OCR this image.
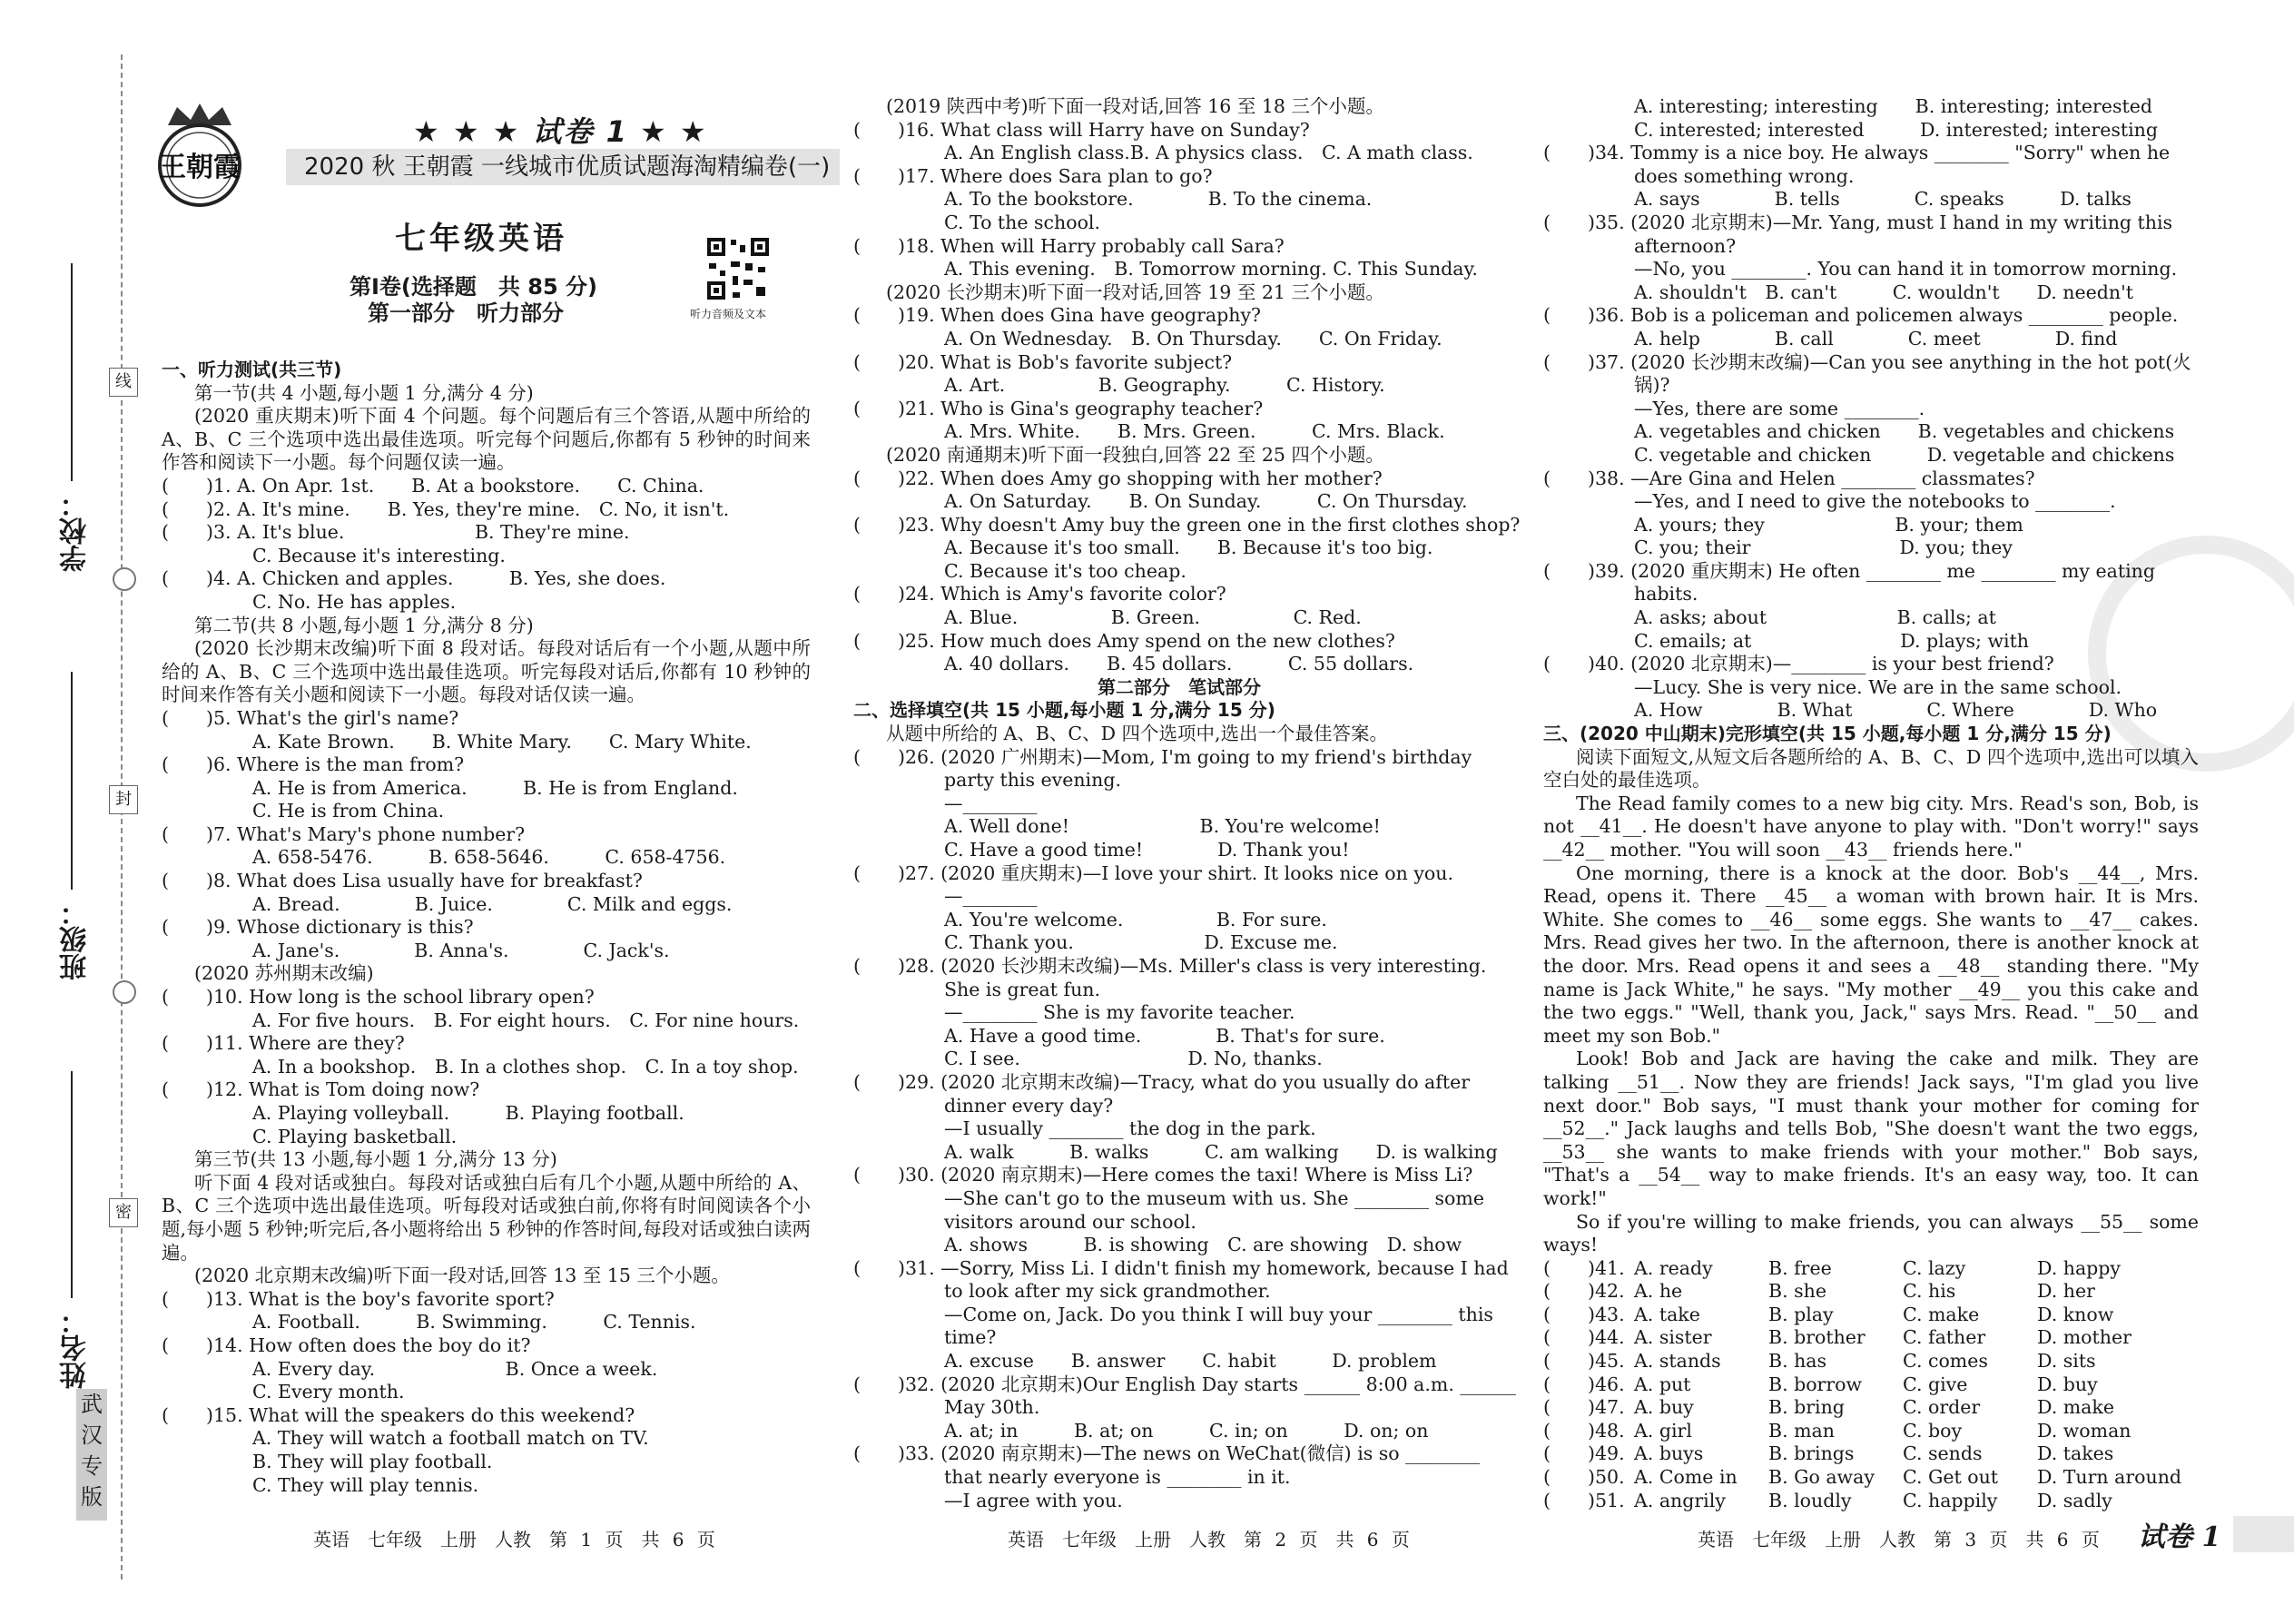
学校：
班级：
姓名：
线
封
密
武汉专版
王朝霞
★ ★ ★ 试卷 1 ★ ★
2020 秋 王朝霞 一线城市优质试题海淘精编卷(一)
七年级英语
第Ⅰ卷(选择题　共 85 分)
第一部分　听力部分	听力音频及文本
一、听力测试(共三节)
第一节(共 4 小题,每小题 1 分,满分 4 分)
(2020 重庆期末)听下面 4 个问题。每个问题后有三个答语,从题中所给的 A、B、C 三个选项中选出最佳选项。听完每个问题后,你都有 5 秒钟的时间来作答和阅读下一小题。每个问题仅读一遍。
(　　)1. A. On Apr. 1st.　　B. At a bookstore.　　C. China.
(　　)2. A. It's mine.　　B. Yes, they're mine.　C. No, it isn't.
(　　)3. A. It's blue.　　　　　　　B. They're mine.
C. Because it's interesting.
(　　)4. A. Chicken and apples.　　　B. Yes, she does.
C. No. He has apples.
第二节(共 8 小题,每小题 1 分,满分 8 分)
(2020 长沙期末改编)听下面 8 段对话。每段对话后有一个小题,从题中所给的 A、B、C 三个选项中选出最佳选项。听完每段对话后,你都有 10 秒钟的时间来作答有关小题和阅读下一小题。每段对话仅读一遍。
(　　)5. What's the girl's name?
A. Kate Brown.　　B. White Mary.　　C. Mary White.
(　　)6. Where is the man from?
A. He is from America.　　　B. He is from England.
C. He is from China.
(　　)7. What's Mary's phone number?
A. 658-5476.　　　B. 658-5646.　　　C. 658-4756.
(　　)8. What does Lisa usually have for breakfast?
A. Bread.　　　　B. Juice.　　　　C. Milk and eggs.
(　　)9. Whose dictionary is this?
A. Jane's.　　　　B. Anna's.　　　　C. Jack's.
(2020 苏州期末改编)
(　　)10. How long is the school library open?
A. For five hours.　B. For eight hours.　C. For nine hours.
(　　)11. Where are they?
A. In a bookshop.　B. In a clothes shop.　C. In a toy shop.
(　　)12. What is Tom doing now?
A. Playing volleyball.　　　B. Playing football.
C. Playing basketball.
第三节(共 13 小题,每小题 1 分,满分 13 分)
听下面 4 段对话或独白。每段对话或独白后有几个小题,从题中所给的 A、B、C 三个选项中选出最佳选项。听每段对话或独白前,你将有时间阅读各个小题,每小题 5 秒钟;听完后,各小题将给出 5 秒钟的作答时间,每段对话或独白读两遍。
(2020 北京期末改编)听下面一段对话,回答 13 至 15 三个小题。
(　　)13. What is the boy's favorite sport?
A. Football.　　　B. Swimming.　　　C. Tennis.
(　　)14. How often does the boy do it?
A. Every day.　　　　　　　B. Once a week.
C. Every month.
(　　)15. What will the speakers do this weekend?
A. They will watch a football match on TV.
B. They will play football.
C. They will play tennis.
(2019 陕西中考)听下面一段对话,回答 16 至 18 三个小题。
(　　)16. What class will Harry have on Sunday?
A. An English class.B. A physics class.　C. A math class.
(　　)17. Where does Sara plan to go?
A. To the bookstore.　　　　B. To the cinema.
C. To the school.
(　　)18. When will Harry probably call Sara?
A. This evening.　B. Tomorrow morning. C. This Sunday.
(2020 长沙期末)听下面一段对话,回答 19 至 21 三个小题。
(　　)19. When does Gina have geography?
A. On Wednesday.　B. On Thursday.　　C. On Friday.
(　　)20. What is Bob's favorite subject?
A. Art.　　　　　B. Geography.　　　C. History.
(　　)21. Who is Gina's geography teacher?
A. Mrs. White.　　B. Mrs. Green.　　　C. Mrs. Black.
(2020 南通期末)听下面一段独白,回答 22 至 25 四个小题。
(　　)22. When does Amy go shopping with her mother?
A. On Saturday.　　B. On Sunday.　　　C. On Thursday.
(　　)23. Why doesn't Amy buy the green one in the first clothes shop?
A. Because it's too small.　　B. Because it's too big.
C. Because it's too cheap.
(　　)24. Which is Amy's favorite color?
A. Blue.　　　　　B. Green.　　　　　C. Red.
(　　)25. How much does Amy spend on the new clothes?
A. 40 dollars.　　B. 45 dollars.　　　C. 55 dollars.
第二部分　笔试部分
二、选择填空(共 15 小题,每小题 1 分,满分 15 分)
从题中所给的 A、B、C、D 四个选项中,选出一个最佳答案。
(　　)26. (2020 广州期末)—Mom, I'm going to my friend's birthday
party this evening.
—________
A. Well done!　　　　　　　B. You're welcome!
C. Have a good time!　　　　D. Thank you!
(　　)27. (2020 重庆期末)—I love your shirt. It looks nice on you.
—________
A. You're welcome.　　　　　B. For sure.
C. Thank you.　　　　　　　D. Excuse me.
(　　)28. (2020 长沙期末改编)—Ms. Miller's class is very interesting.
She is great fun.
—________ She is my favorite teacher.
A. Have a good time.　　　　B. That's for sure.
C. I see.　　　　　　　　　D. No, thanks.
(　　)29. (2020 北京期末改编)—Tracy, what do you usually do after
dinner every day?
—I usually ________ the dog in the park.
A. walk　　　B. walks　　　C. am walking　　D. is walking
(　　)30. (2020 南京期末)—Here comes the taxi! Where is Miss Li?
—She can't go to the museum with us. She ________ some
visitors around our school.
A. shows　　　B. is showing　C. are showing　D. show
(　　)31. —Sorry, Miss Li. I didn't finish my homework, because I had
to look after my sick grandmother.
—Come on, Jack. Do you think I will buy your ________ this
time?
A. excuse　　B. answer　　C. habit　　　D. problem
(　　)32. (2020 北京期末)Our English Day starts ______ 8:00 a.m. ______
May 30th.
A. at; in　　　B. at; on　　　C. in; on　　　D. on; on
(　　)33. (2020 南京期末)—The news on WeChat(微信) is so ________
that nearly everyone is ________ in it.
—I agree with you.
A. interesting; interesting　　B. interesting; interested
C. interested; interested　　　D. interested; interesting
(　　)34. Tommy is a nice boy. He always ________ "Sorry" when he
does something wrong.
A. says　　　　B. tells　　　　C. speaks　　　D. talks
(　　)35. (2020 北京期末)—Mr. Yang, must I hand in my writing this
afternoon?
—No, you ________. You can hand it in tomorrow morning.
A. shouldn't　B. can't　　　C. wouldn't　　D. needn't
(　　)36. Bob is a policeman and policemen always ________ people.
A. help　　　　B. call　　　　C. meet　　　　D. find
(　　)37. (2020 长沙期末改编)—Can you see anything in the hot pot(火
锅)?
—Yes, there are some ________.
A. vegetables and chicken　　B. vegetables and chickens
C. vegetable and chicken　　　D. vegetable and chickens
(　　)38. —Are Gina and Helen ________ classmates?
—Yes, and I need to give the notebooks to ________.
A. yours; they　　　　　　　B. your; them
C. you; their　　　　　　　　D. you; they
(　　)39. (2020 重庆期末) He often ________ me ________ my eating
habits.
A. asks; about　　　　　　　B. calls; at
C. emails; at　　　　　　　　D. plays; with
(　　)40. (2020 北京期末)—________ is your best friend?
—Lucy. She is very nice. We are in the same school.
A. How　　　　B. What　　　　C. Where　　　　D. Who
三、(2020 中山期末)完形填空(共 15 小题,每小题 1 分,满分 15 分)
阅读下面短文,从短文后各题所给的 A、B、C、D 四个选项中,选出可以填入空白处的最佳选项。
The Read family comes to a new big city. Mrs. Read's son, Bob, is not __41__. He doesn't have anyone to play with. "Don't worry!" says __42__ mother. "You will soon __43__ friends here."
One morning, there is a knock at the door. Bob's __44__, Mrs. Read, opens it. There __45__ a woman with brown hair. It is Mrs. White. She comes to __46__ some eggs. She wants to __47__ cakes. Mrs. Read gives her two. In the afternoon, there is another knock at the door. Mrs. Read opens it and sees a __48__ standing there. "My name is Jack White," he says. "My mother __49__ you this cake and the two eggs." "Well, thank you, Jack," says Mrs. Read. "__50__ and meet my son Bob."
Look! Bob and Jack are having the cake and milk. They are talking __51__. Now they are friends! Jack says, "I'm glad you live next door." Bob says, "I must thank your mother for coming for __52__." Jack laughs and tells Bob, "She doesn't want the two eggs, __53__ she wants to make friends with your mother." Bob says, "That's a __54__ way to make friends. It's an easy way, too. It can work!"
So if you're willing to make friends, you can always __55__ some ways!
(　　)41. A. ready	B. free	C. lazy	D. happy
(　　)42. A. he	B. she	C. his	D. her
(　　)43. A. take	B. play	C. make	D. know
(　　)44. A. sister	B. brother	C. father	D. mother
(　　)45. A. stands	B. has	C. comes	D. sits
(　　)46. A. put	B. borrow	C. give	D. buy
(　　)47. A. buy	B. bring	C. order	D. make
(　　)48. A. girl	B. man	C. boy	D. woman
(　　)49. A. buys	B. brings	C. sends	D. takes
(　　)50. A. Come in	B. Go away	C. Get out	D. Turn around
(　　)51. A. angrily	B. loudly	C. happily	D. sadly
英语　七年级　上册　人教　第 1 页　共 6 页	英语　七年级　上册　人教　第 2 页　共 6 页	英语　七年级　上册　人教　第 3 页　共 6 页 试卷 1
